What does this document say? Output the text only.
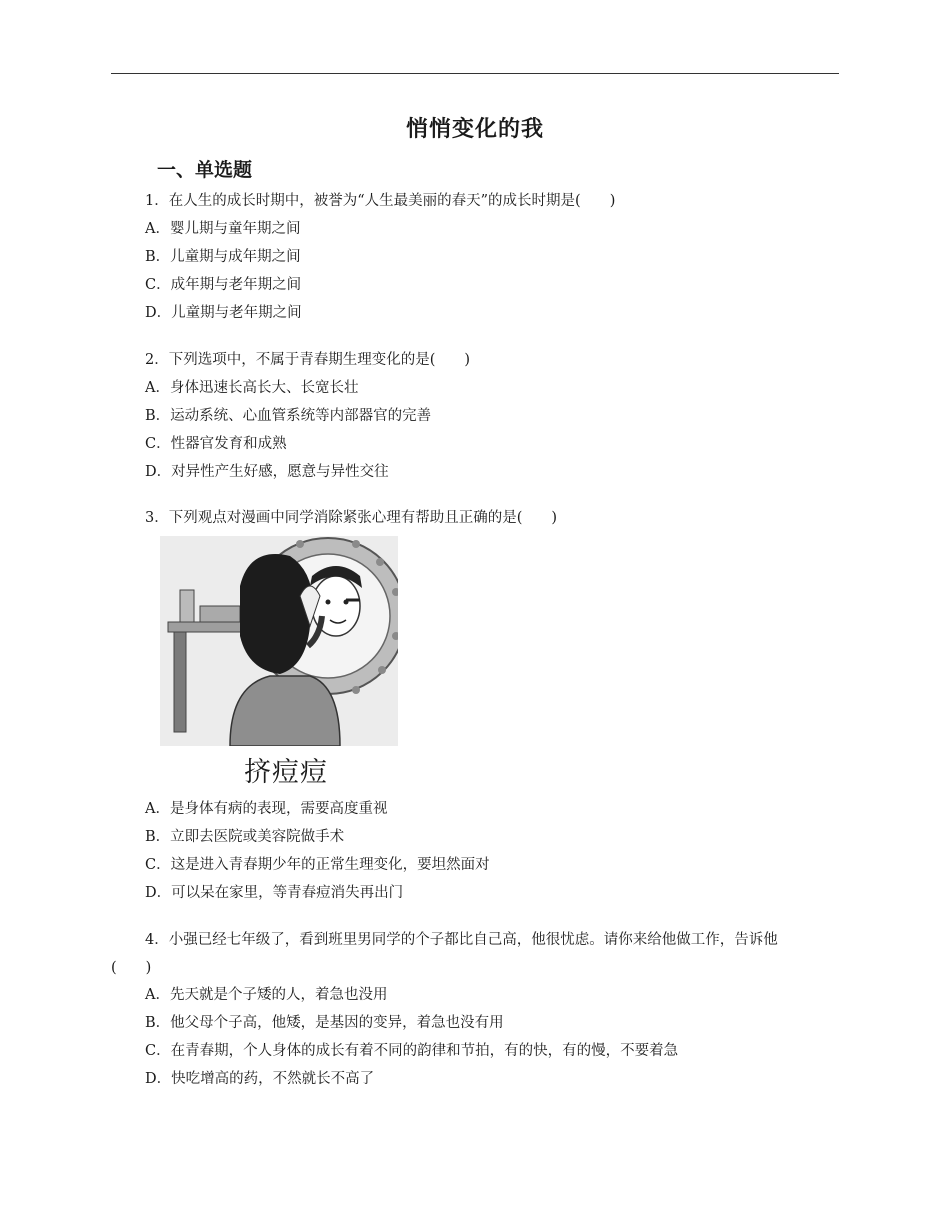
悄悄变化的我
一、单选题
1．在人生的成长时期中，被誉为“人生最美丽的春天”的成长时期是(　　)
A．婴儿期与童年期之间
B．儿童期与成年期之间
C．成年期与老年期之间
D．儿童期与老年期之间
2．下列选项中，不属于青春期生理变化的是(　　)
A．身体迅速长高长大、长宽长壮
B．运动系统、心血管系统等内部器官的完善
C．性器官发育和成熟
D．对异性产生好感，愿意与异性交往
3．下列观点对漫画中同学消除紧张心理有帮助且正确的是(　　)
挤痘痘
A．是身体有病的表现，需要高度重视
B．立即去医院或美容院做手术
C．这是进入青春期少年的正常生理变化，要坦然面对
D．可以呆在家里，等青春痘消失再出门
4．小强已经七年级了，看到班里男同学的个子都比自己高，他很忧虑。请你来给他做工作，告诉他(　　)
A．先天就是个子矮的人，着急也没用
B．他父母个子高，他矮，是基因的变异，着急也没有用
C．在青春期，个人身体的成长有着不同的韵律和节拍，有的快，有的慢，不要着急
D．快吃增高的药，不然就长不高了
